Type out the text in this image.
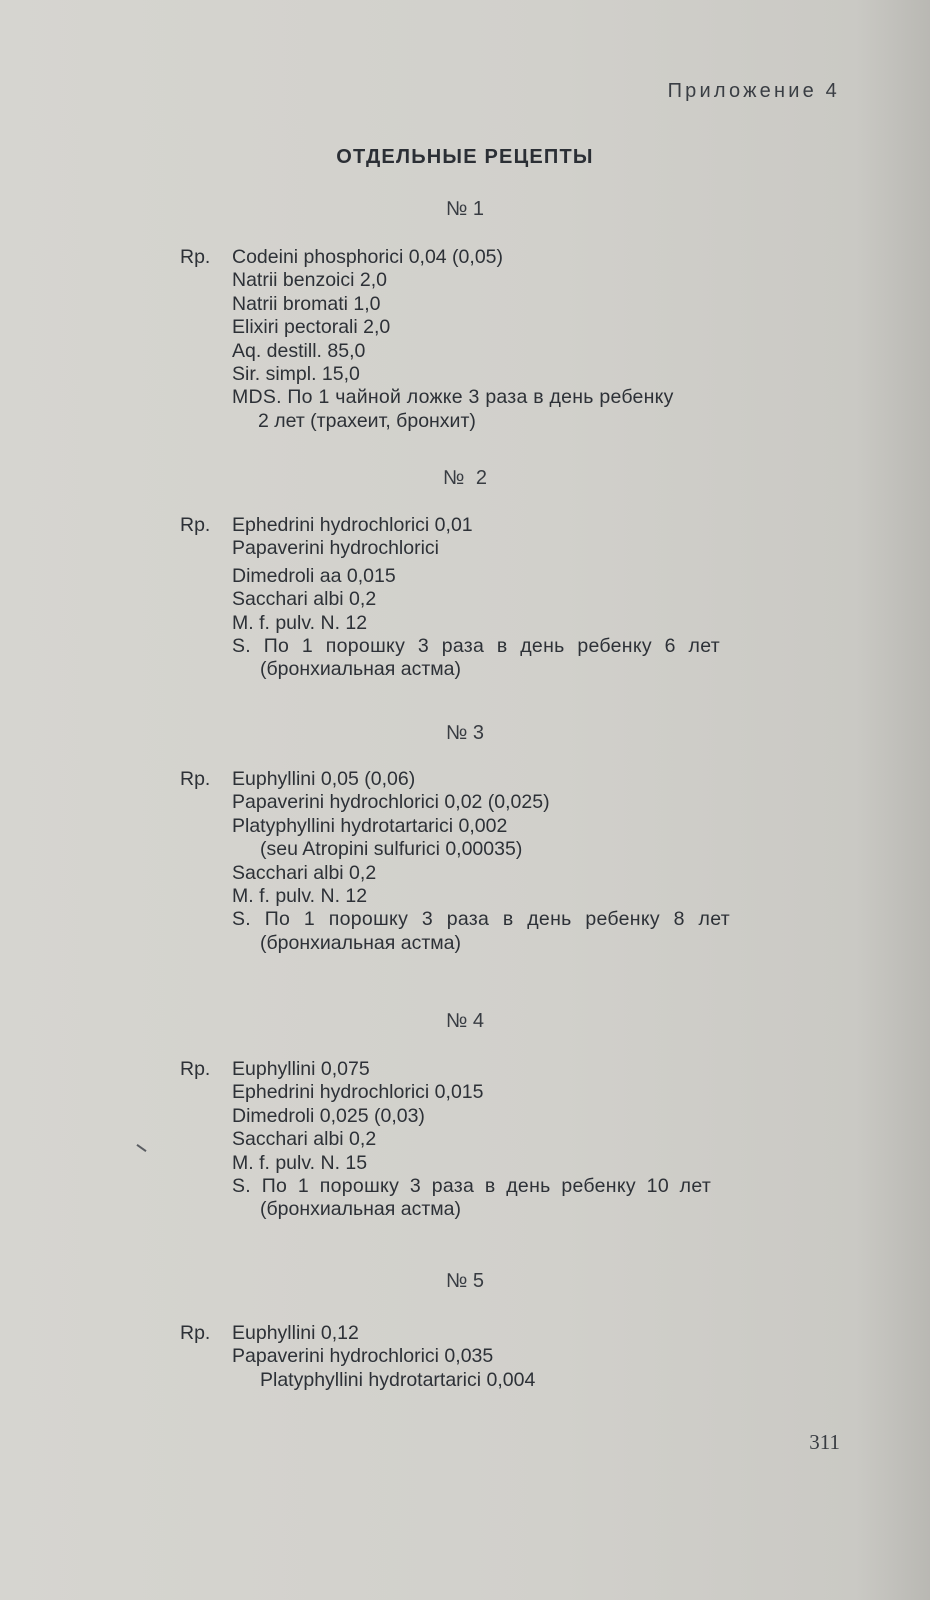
Приложение 4
ОТДЕЛЬНЫЕ РЕЦЕПТЫ
№ 1
Rp. Codeini phosphorici 0,04 (0,05)
Natrii benzoici 2,0
Natrii bromati 1,0
Elixiri pectorali 2,0
Aq. destill. 85,0
Sir. simpl. 15,0
MDS. По 1 чайной ложке 3 раза в день ребенку
2 лет (трахеит, бронхит)
№ 2
Rp. Ephedrini hydrochlorici 0,01
Papaverini hydrochlorici
Dimedroli aa 0,015
Sacchari albi 0,2
M. f. pulv. N. 12
S. По 1 порошку 3 раза в день ребенку 6 лет
(бронхиальная астма)
№ 3
Rp. Euphyllini 0,05 (0,06)
Papaverini hydrochlorici 0,02 (0,025)
Platyphyllini hydrotartarici 0,002
(seu Atropini sulfurici 0,00035)
Sacchari albi 0,2
M. f. pulv. N. 12
S. По 1 порошку 3 раза в день ребенку 8 лет
(бронхиальная астма)
№ 4
Rp. Euphyllini 0,075
Ephedrini hydrochlorici 0,015
Dimedroli 0,025 (0,03)
Sacchari albi 0,2
M. f. pulv. N. 15
S. По 1 порошку 3 раза в день ребенку 10 лет
(бронхиальная астма)
№ 5
Rp. Euphyllini 0,12
Papaverini hydrochlorici 0,035
Platyphyllini hydrotartarici 0,004
311
